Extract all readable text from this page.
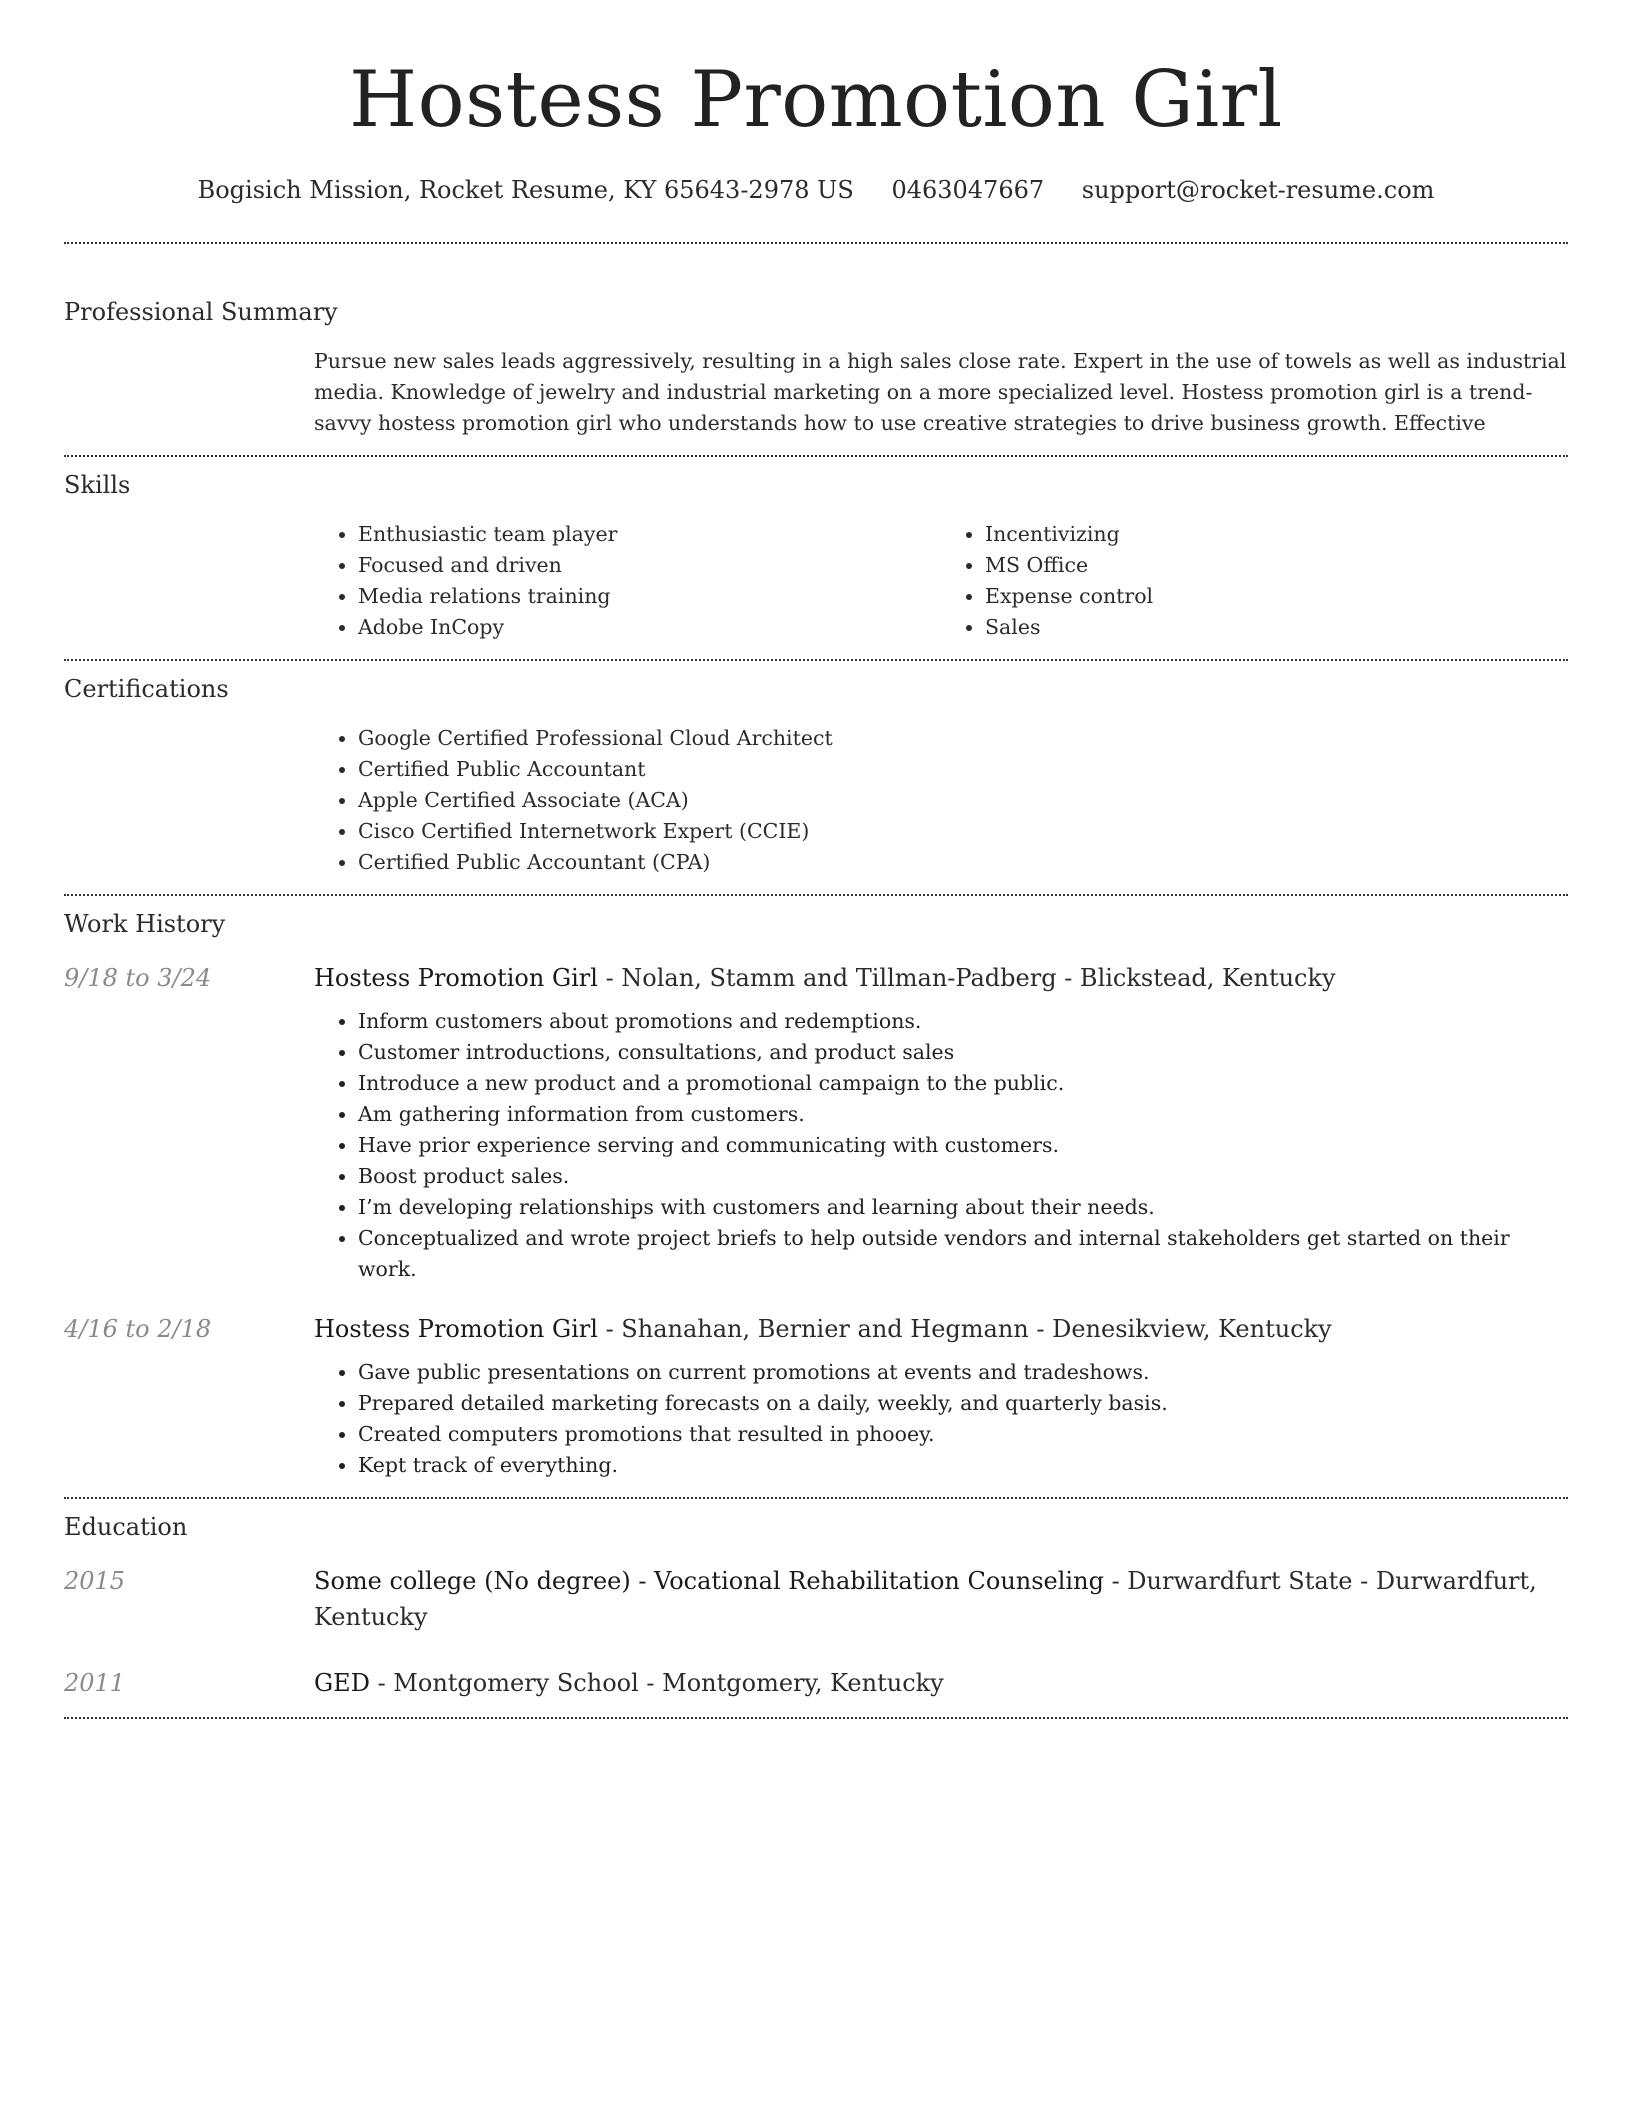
Hostess Promotion Girl
Bogisich Mission, Rocket Resume, KY 65643-2978 US 0463047667 support@rocket-resume.com
Professional Summary
Pursue new sales leads aggressively, resulting in a high sales close rate. Expert in the use of towels as well as industrial media. Knowledge of jewelry and industrial marketing on a more specialized level. Hostess promotion girl is a trend-savvy hostess promotion girl who understands how to use creative strategies to drive business growth. Effective
Skills
• Enthusiastic team player
• Focused and driven
• Media relations training
• Adobe InCopy
• Incentivizing
• MS Office
• Expense control
• Sales
Certifications
• Google Certified Professional Cloud Architect
• Certified Public Accountant
• Apple Certified Associate (ACA)
• Cisco Certified Internetwork Expert (CCIE)
• Certified Public Accountant (CPA)
Work History
9/18 to 3/24	Hostess Promotion Girl - Nolan, Stamm and Tillman-Padberg - Blickstead, Kentucky
• Inform customers about promotions and redemptions.
• Customer introductions, consultations, and product sales
• Introduce a new product and a promotional campaign to the public.
• Am gathering information from customers.
• Have prior experience serving and communicating with customers.
• Boost product sales.
• I’m developing relationships with customers and learning about their needs.
• Conceptualized and wrote project briefs to help outside vendors and internal stakeholders get started on their work.
4/16 to 2/18	Hostess Promotion Girl - Shanahan, Bernier and Hegmann - Denesikview, Kentucky
• Gave public presentations on current promotions at events and tradeshows.
• Prepared detailed marketing forecasts on a daily, weekly, and quarterly basis.
• Created computers promotions that resulted in phooey.
• Kept track of everything.
Education
2015	Some college (No degree) - Vocational Rehabilitation Counseling - Durwardfurt State - Durwardfurt, Kentucky
2011	GED - Montgomery School - Montgomery, Kentucky
